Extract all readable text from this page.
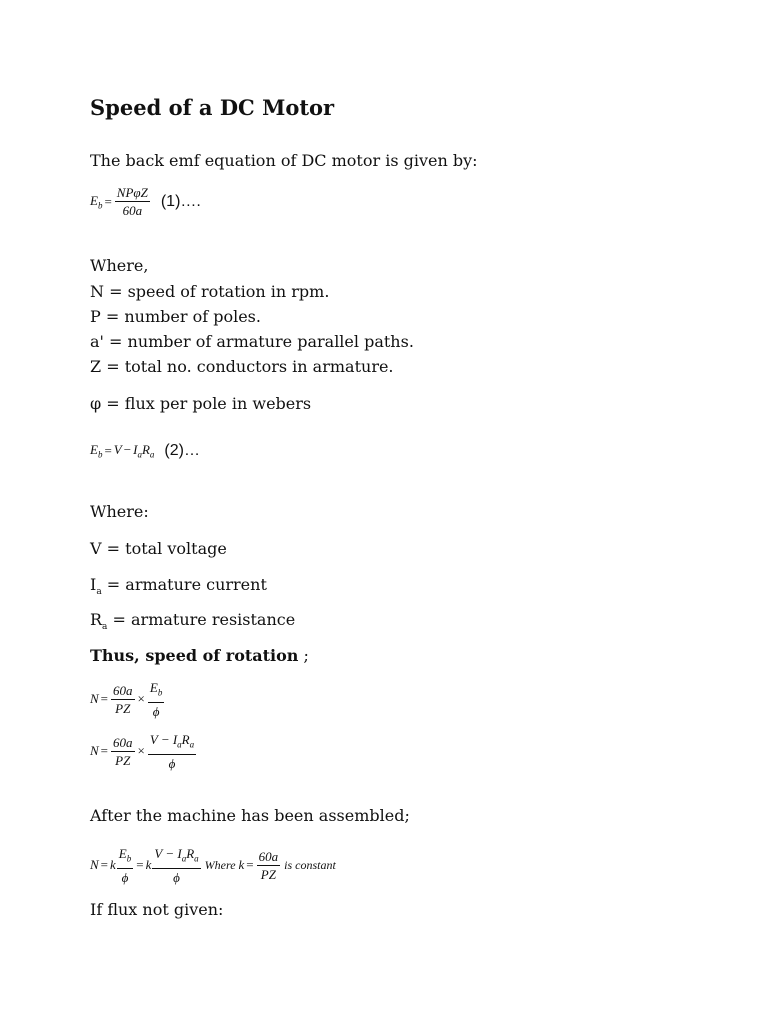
Speed of a DC Motor
The back emf equation of DC motor is given by:
$E_b = \frac{\text{NPφZ}}{60a}$ (1)….
Where,
N = speed of rotation in rpm.
P = number of poles.
a' = number of armature parallel paths.
Z = total no. conductors in armature.
φ = flux per pole in webers
$E_b = V - I_aR_a$ (2)…
Where:
V = total voltage
$I_a$ = armature current
$R_a$ = armature resistance
Thus, speed of rotation ;
$N = \frac{60a}{PZ} \times \frac{E_b}{\phi}$
$N = \frac{60a}{PZ} \times \frac{V - I_aR_a}{\phi}$
After the machine has been assembled;
N = k $\frac{E_b}{\phi} = k \frac{V - I_aR_a}{\phi}$ Where $k = \frac{60a}{PZ}$ is constant
If flux not given:
